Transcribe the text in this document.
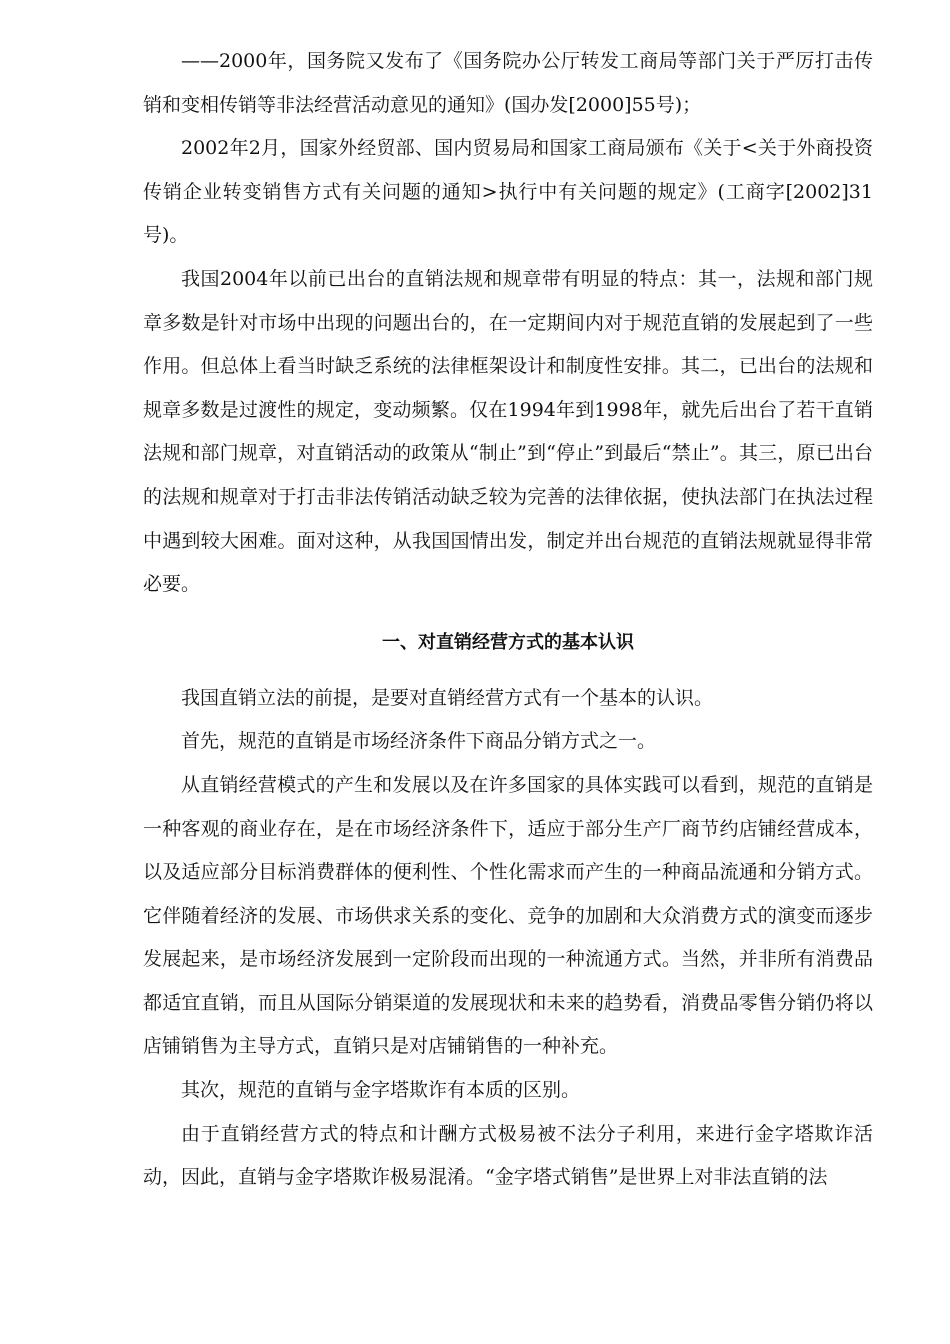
——2000年，国务院又发布了《国务院办公厅转发工商局等部门关于严厉打击传销和变相传销等非法经营活动意见的通知》(国办发[2000]55号)；

2002年2月，国家外经贸部、国内贸易局和国家工商局颁布《关于<关于外商投资传销企业转变销售方式有关问题的通知>执行中有关问题的规定》(工商字[2002]31号)。

我国2004年以前已出台的直销法规和规章带有明显的特点：其一，法规和部门规章多数是针对市场中出现的问题出台的，在一定期间内对于规范直销的发展起到了一些作用。但总体上看当时缺乏系统的法律框架设计和制度性安排。其二，已出台的法规和规章多数是过渡性的规定，变动频繁。仅在1994年到1998年，就先后出台了若干直销法规和部门规章，对直销活动的政策从“制止”到“停止”到最后“禁止”。其三，原已出台的法规和规章对于打击非法传销活动缺乏较为完善的法律依据，使执法部门在执法过程中遇到较大困难。面对这种，从我国国情出发，制定并出台规范的直销法规就显得非常必要。

一、对直销经营方式的基本认识

我国直销立法的前提，是要对直销经营方式有一个基本的认识。

首先，规范的直销是市场经济条件下商品分销方式之一。

从直销经营模式的产生和发展以及在许多国家的具体实践可以看到，规范的直销是一种客观的商业存在，是在市场经济条件下，适应于部分生产厂商节约店铺经营成本，以及适应部分目标消费群体的便利性、个性化需求而产生的一种商品流通和分销方式。它伴随着经济的发展、市场供求关系的变化、竞争的加剧和大众消费方式的演变而逐步发展起来，是市场经济发展到一定阶段而出现的一种流通方式。当然，并非所有消费品都适宜直销，而且从国际分销渠道的发展现状和未来的趋势看，消费品零售分销仍将以店铺销售为主导方式，直销只是对店铺销售的一种补充。

其次，规范的直销与金字塔欺诈有本质的区别。

由于直销经营方式的特点和计酬方式极易被不法分子利用，来进行金字塔欺诈活动，因此，直销与金字塔欺诈极易混淆。“金字塔式销售”是世界上对非法直销的法
